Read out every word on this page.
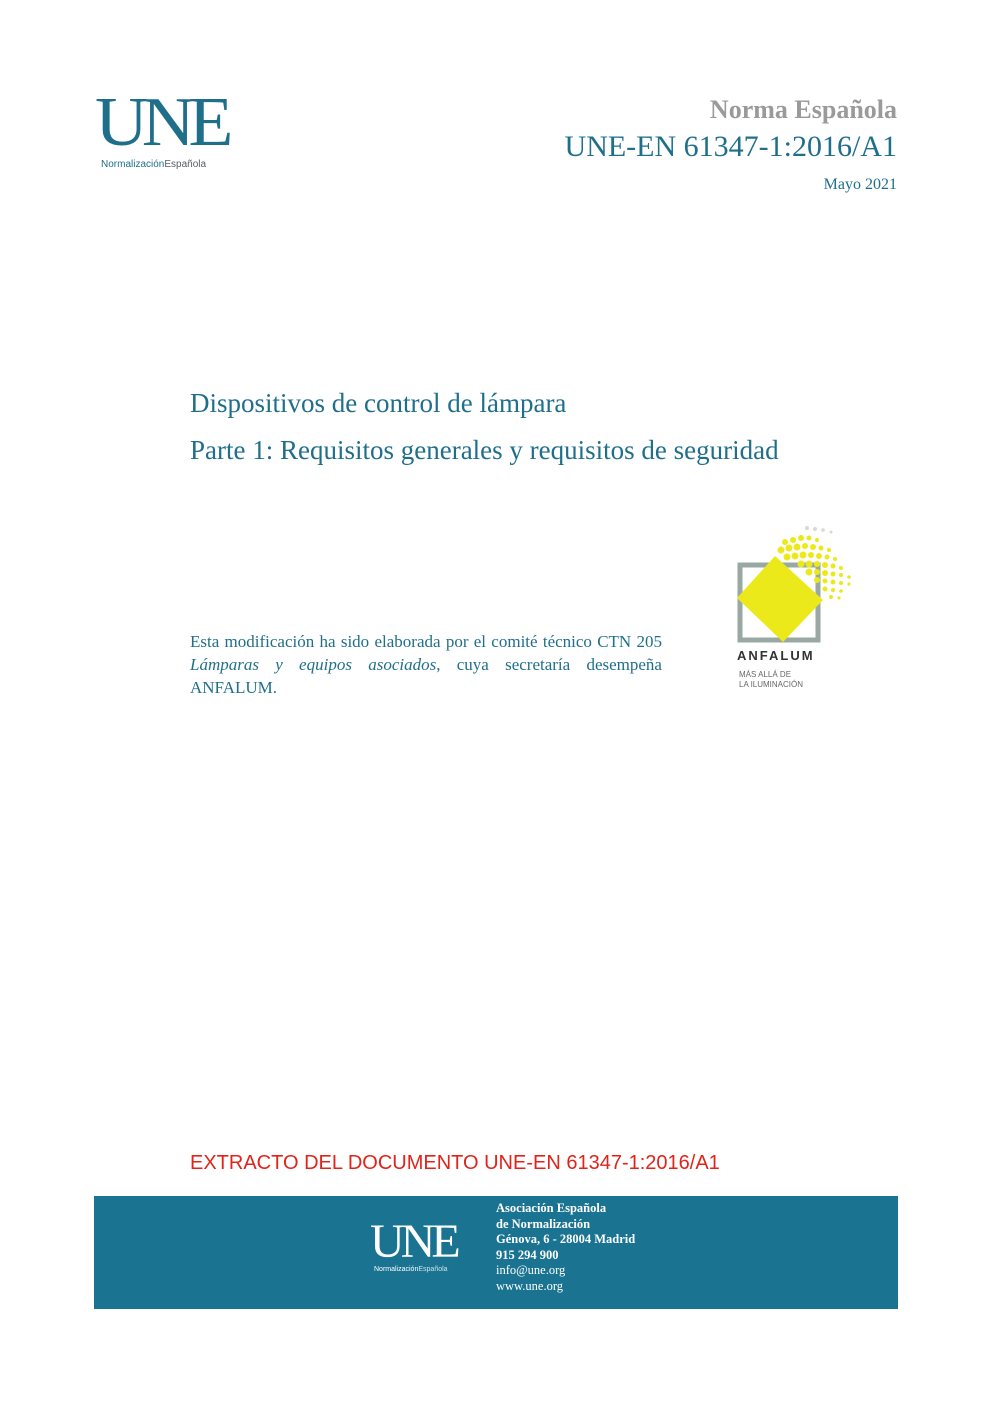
UNE
NormalizaciónEspañola
Norma Española
UNE-EN 61347-1:2016/A1
Mayo 2021
Dispositivos de control de lámpara
Parte 1: Requisitos generales y requisitos de seguridad
Esta modificación ha sido elaborada por el comité técnico CTN 205 Lámparas y equipos asociados, cuya secretaría desempeña ANFALUM.
ANFALUM
MÁS ALLÁ DE
LA ILUMINACIÓN
EXTRACTO DEL DOCUMENTO UNE-EN 61347-1:2016/A1
UNE
NormalizaciónEspañola
Asociación Española
de Normalización
Génova, 6 - 28004 Madrid
915 294 900
info@une.org
www.une.org
